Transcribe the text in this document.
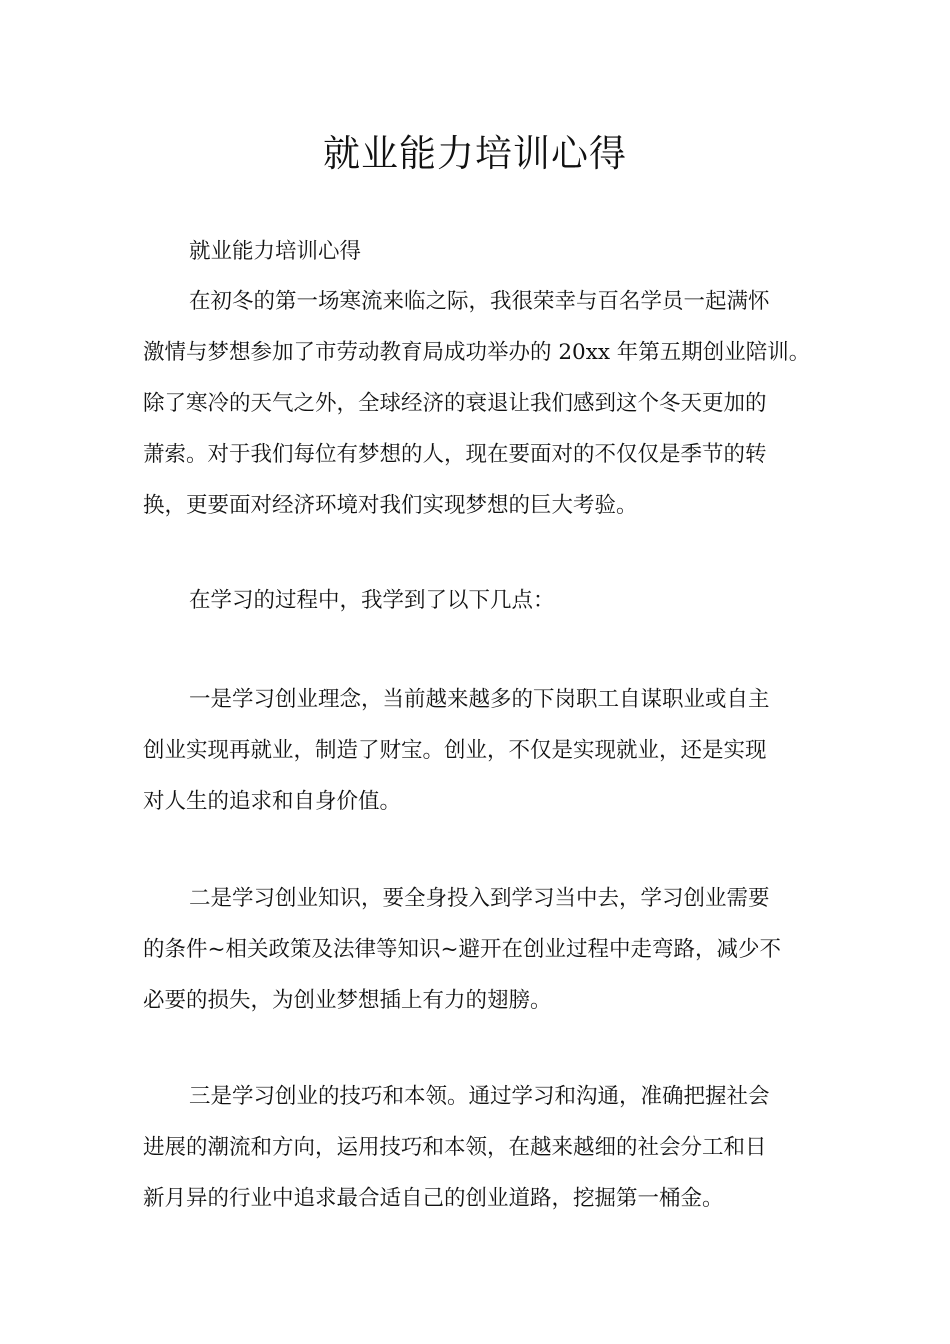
就业能力培训心得

就业能力培训心得

在初冬的第一场寒流来临之际，我很荣幸与百名学员一起满怀
激情与梦想参加了市劳动教育局成功举办的 20xx 年第五期创业陪训。
除了寒冷的天气之外，全球经济的衰退让我们感到这个冬天更加的
萧索。对于我们每位有梦想的人，现在要面对的不仅仅是季节的转
换，更要面对经济环境对我们实现梦想的巨大考验。

在学习的过程中，我学到了以下几点：

一是学习创业理念，当前越来越多的下岗职工自谋职业或自主
创业实现再就业，制造了财宝。创业，不仅是实现就业，还是实现
对人生的追求和自身价值。

二是学习创业知识，要全身投入到学习当中去，学习创业需要
的条件~相关政策及法律等知识~避开在创业过程中走弯路，减少不
必要的损失，为创业梦想插上有力的翅膀。

三是学习创业的技巧和本领。通过学习和沟通，准确把握社会
进展的潮流和方向，运用技巧和本领，在越来越细的社会分工和日
新月异的行业中追求最合适自己的创业道路，挖掘第一桶金。
